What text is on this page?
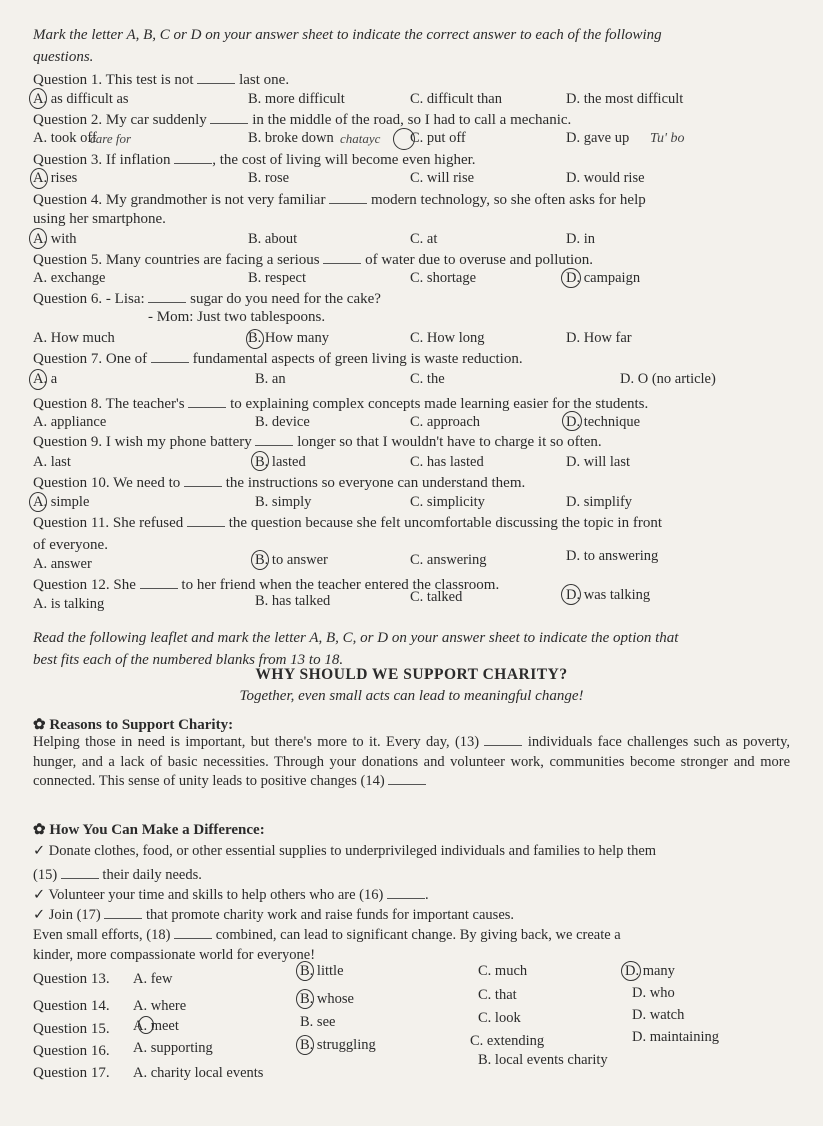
Mark the letter A, B, C or D on your answer sheet to indicate the correct answer to each of the following
questions.
Question 1. This test is not	last one.
A. as difficult as	B. more difficult	C. difficult than	D. the most difficult
Question 2. My car suddenly	in the middle of the road, so I had to call a mechanic.
A. took off	B. broke down	C. put off	D. gave up
Question 3. If inflation	, the cost of living will become even higher.
A. rises	B. rose	C. will rise	D. would rise
Question 4. My grandmother is not very familiar	modern technology, so she often asks for help
using her smartphone.
A. with	B. about	C. at	D. in
Question 5. Many countries are facing a serious	of water due to overuse and pollution.
A. exchange	B. respect	C. shortage	D. campaign
Question 6. - Lisa:	sugar do you need for the cake?
- Mom: Just two tablespoons.
A. How much	B. How many	C. How long	D. How far
Question 7. One of	fundamental aspects of green living is waste reduction.
A. a	B. an	C. the	D. O (no article)
Question 8. The teacher's	to explaining complex concepts made learning easier for the students.
A. appliance	B. device	C. approach	D. technique
Question 9. I wish my phone battery	longer so that I wouldn't have to charge it so often.
A. last	B. lasted	C. has lasted	D. will last
Question 10. We need to	the instructions so everyone can understand them.
A. simple	B. simply	C. simplicity	D. simplify
Question 11. She refused	the question because she felt uncomfortable discussing the topic in front
of everyone.
A. answer	B. to answer	C. answering	D. to answering
Question 12. She	to her friend when the teacher entered the classroom.
A. is talking	B. has talked	C. talked	D. was talking
Read the following leaflet and mark the letter A, B, C, or D on your answer sheet to indicate the option that
best fits each of the numbered blanks from 13 to 18.
WHY SHOULD WE SUPPORT CHARITY?
Together, even small acts can lead to meaningful change!
✿ Reasons to Support Charity:
Helping those in need is important, but there's more to it. Every day, (13)	individuals face challenges such as poverty, hunger, and a lack of basic necessities. Through your donations and volunteer work, communities become stronger and more connected. This sense of unity leads to positive changes (14)
✿ How You Can Make a Difference:
✓ Donate clothes, food, or other essential supplies to underprivileged individuals and families to help them
(15)	their daily needs.
✓ Volunteer your time and skills to help others who are (16)	.
✓ Join (17)	that promote charity work and raise funds for important causes.
Even small efforts, (18)	combined, can lead to significant change. By giving back, we create a
kinder, more compassionate world for everyone!
Question 13. A. few	B. little	C. much	D. many
Question 14. A. where	B. whose	C. that	D. who
Question 15. A. meet	B. see	C. look	D. watch
Question 16. A. supporting	B. struggling	C. extending	D. maintaining
Question 17. A. charity local events
B. local events charity
care for	chatayc	Tu' bo
